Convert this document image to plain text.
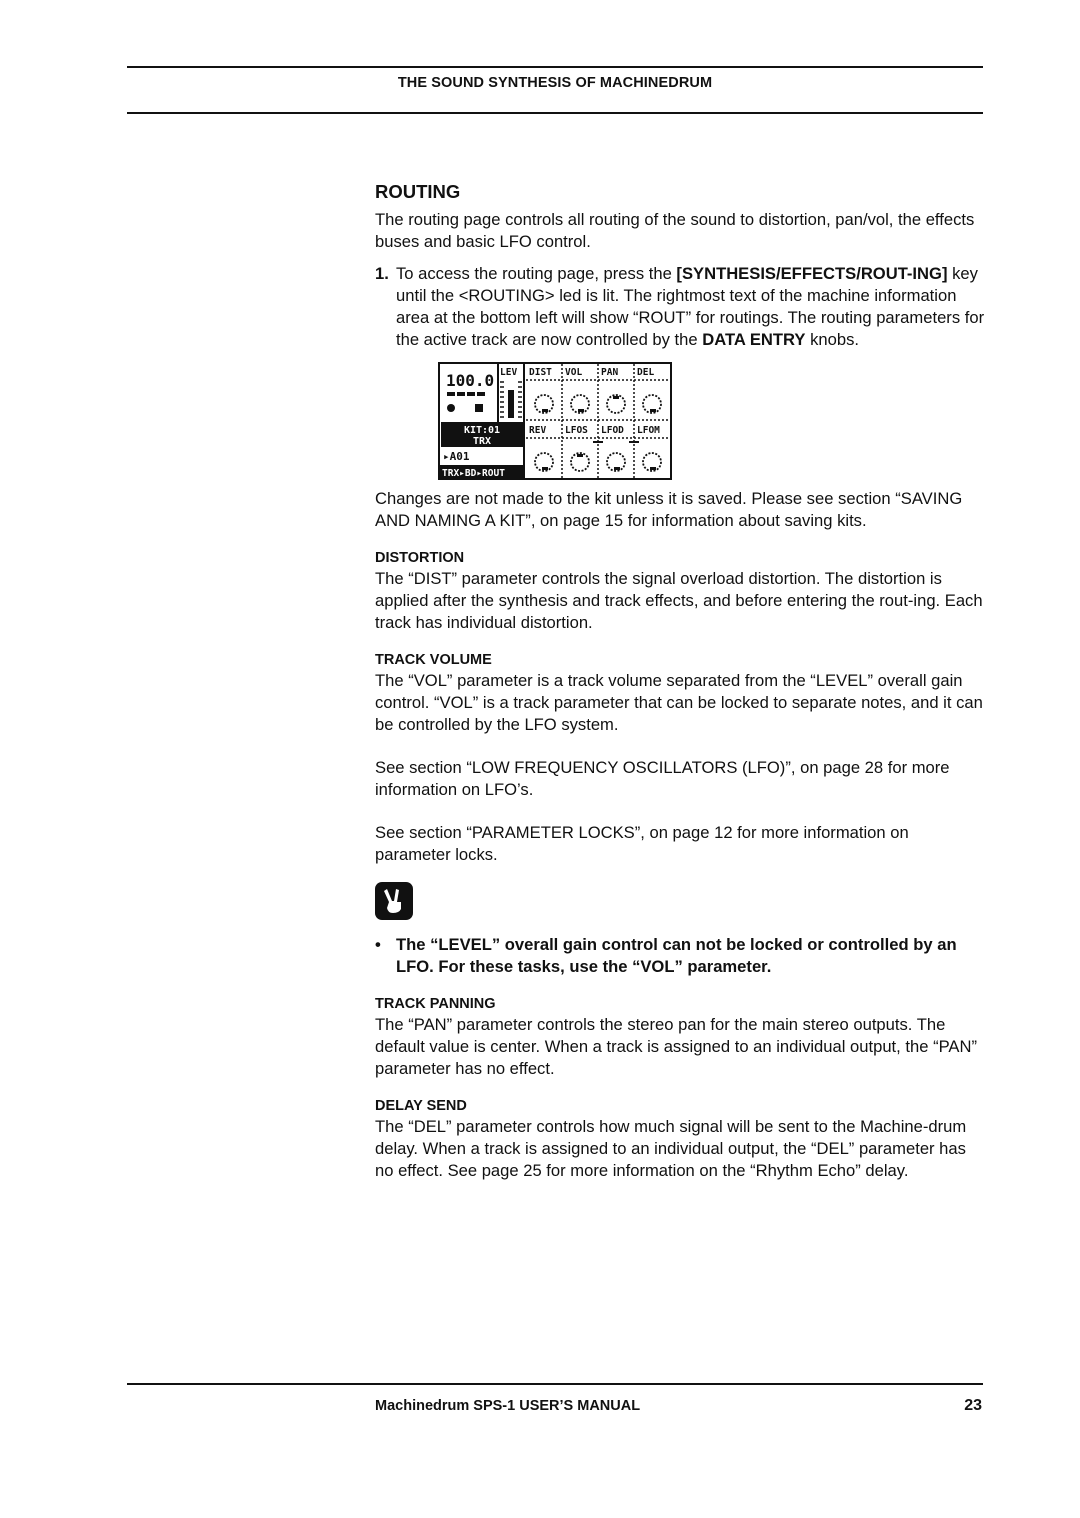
THE SOUND SYNTHESIS OF MACHINEDRUM
ROUTING

The routing page controls all routing of the sound to distortion, pan/vol, the effects buses and basic LFO control.

1. To access the routing page, press the [SYNTHESIS/EFFECTS/ROUT-ING] key until the <ROUTING> led is lit. The rightmost text of the machine information area at the bottom left will show “ROUT” for routings. The routing parameters for the active track are now controlled by the DATA ENTRY knobs.
100.0
KIT:01
TRX
▸A01
TRX▸BD▸ROUT
LEV DIST VOL PAN DEL
REV LFOS LFOD LFOM

Changes are not made to the kit unless it is saved. Please see section “SAVING AND NAMING A KIT”, on page 15 for information about saving kits.

DISTORTION

The “DIST” parameter controls the signal overload distortion. The distortion is applied after the synthesis and track effects, and before entering the rout-ing. Each track has individual distortion.

TRACK VOLUME

The “VOL” parameter is a track volume separated from the “LEVEL” overall gain control. “VOL” is a track parameter that can be locked to separate notes, and it can be controlled by the LFO system.

See section “LOW FREQUENCY OSCILLATORS (LFO)”, on page 28 for more information on LFO’s.

See section “PARAMETER LOCKS”, on page 12 for more information on parameter locks.

• The “LEVEL” overall gain control can not be locked or controlled by an LFO. For these tasks, use the “VOL” parameter.
TRACK PANNING

The “PAN” parameter controls the stereo pan for the main stereo outputs. The default value is center. When a track is assigned to an individual output, the “PAN” parameter has no effect.

DELAY SEND

The “DEL” parameter controls how much signal will be sent to the Machine-drum delay. When a track is assigned to an individual output, the “DEL” parameter has no effect. See page 25 for more information on the “Rhythm Echo” delay.

Machinedrum SPS-1 USER’S MANUAL	23
